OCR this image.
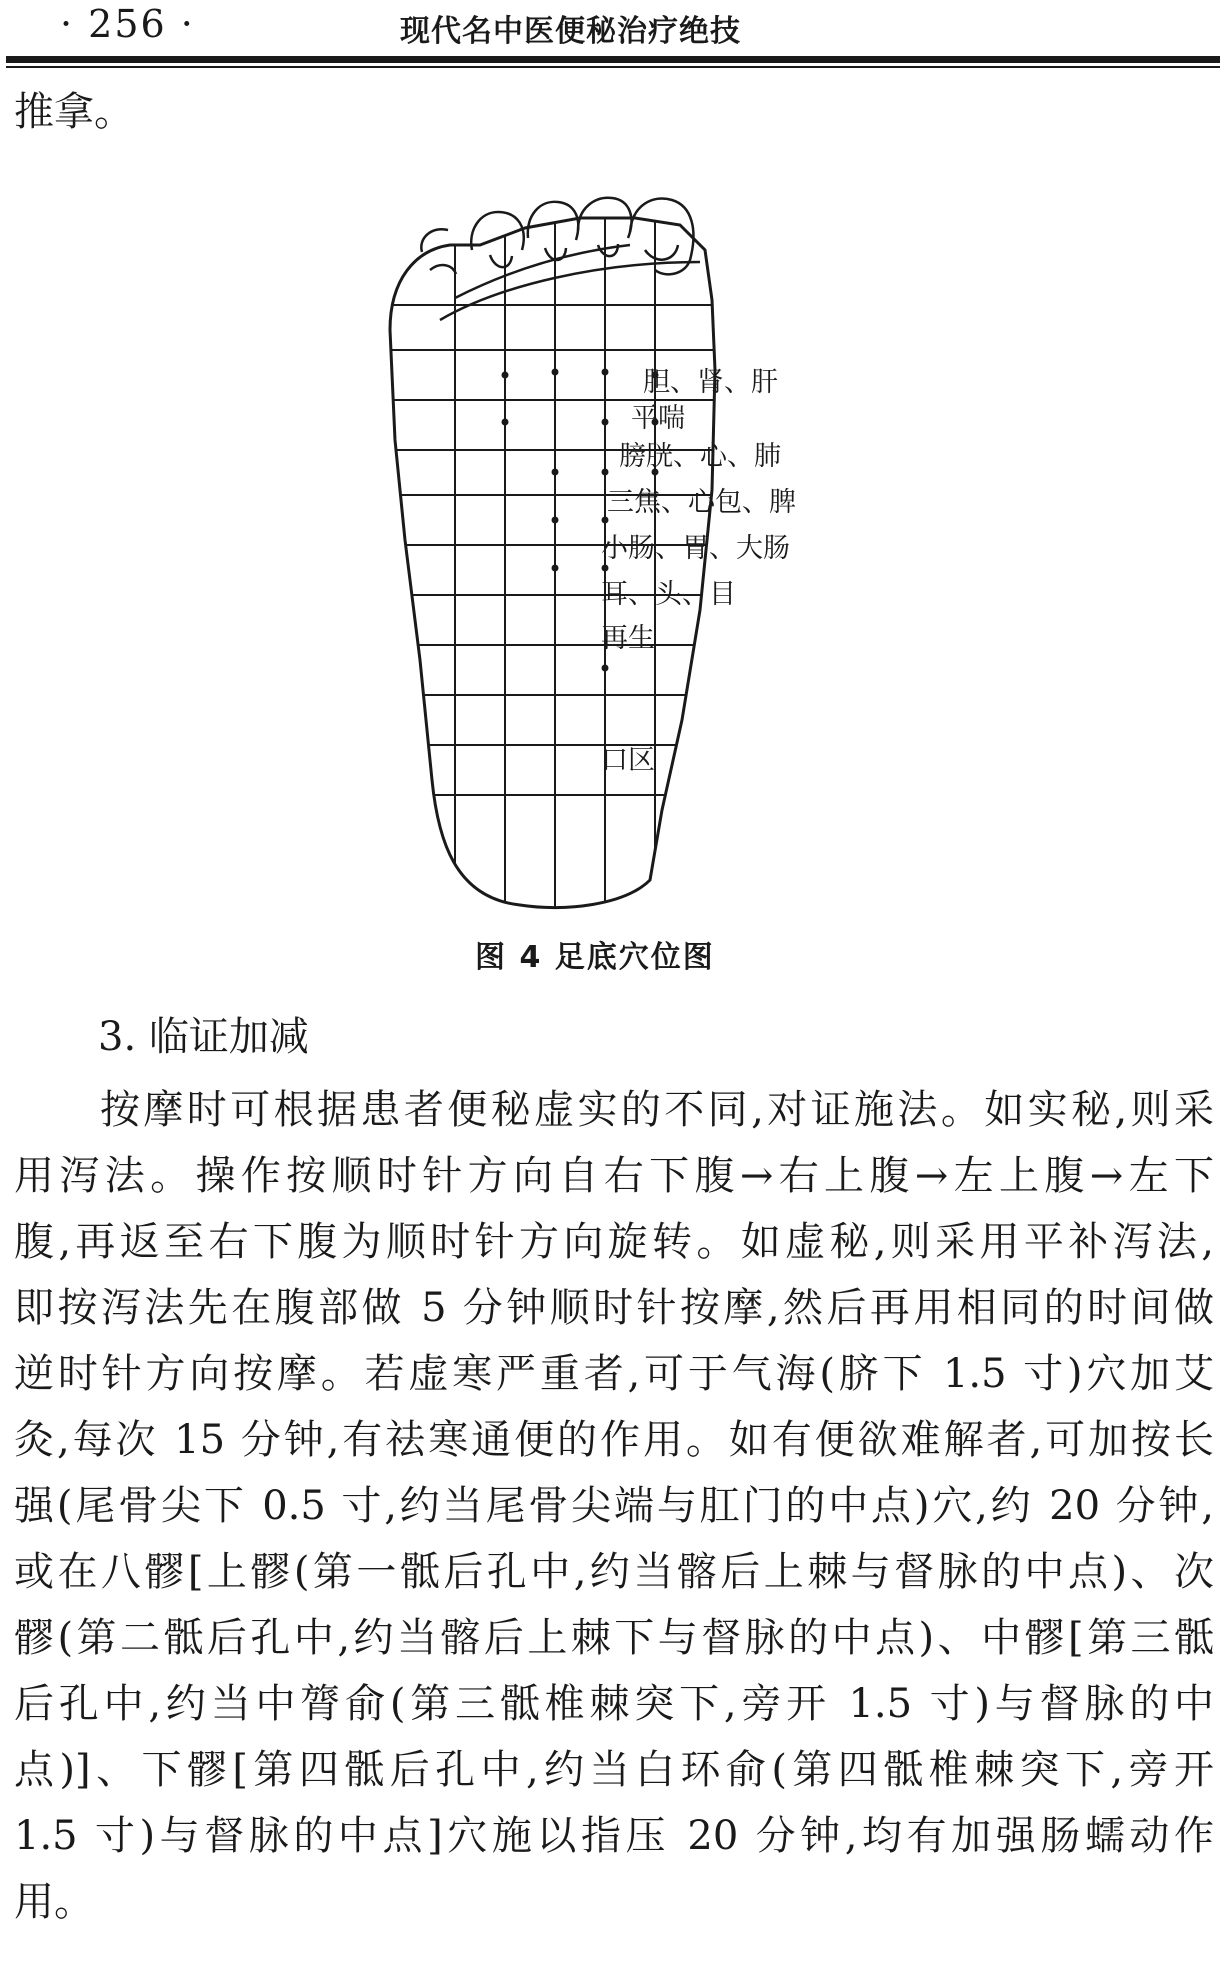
· 256 ·	现代名中医便秘治疗绝技
推拿。
胆、肾、肝
平喘
膀胱、心、肺
三焦、心包、脾
小肠、胃、大肠
耳、头、目
再生
口区
图 4 足底穴位图
3. 临证加减
按摩时可根据患者便秘虚实的不同,对证施法。如实秘,则采
用泻法。操作按顺时针方向自右下腹→右上腹→左上腹→左下
腹,再返至右下腹为顺时针方向旋转。如虚秘,则采用平补泻法,
即按泻法先在腹部做 5 分钟顺时针按摩,然后再用相同的时间做
逆时针方向按摩。若虚寒严重者,可于气海(脐下 1.5 寸)穴加艾
灸,每次 15 分钟,有祛寒通便的作用。如有便欲难解者,可加按长
强(尾骨尖下 0.5 寸,约当尾骨尖端与肛门的中点)穴,约 20 分钟,
或在八髎[上髎(第一骶后孔中,约当髂后上棘与督脉的中点)、次
髎(第二骶后孔中,约当髂后上棘下与督脉的中点)、中髎[第三骶
后孔中,约当中膂俞(第三骶椎棘突下,旁开 1.5 寸)与督脉的中
点)]、下髎[第四骶后孔中,约当白环俞(第四骶椎棘突下,旁开
1.5 寸)与督脉的中点]穴施以指压 20 分钟,均有加强肠蠕动作
用。
